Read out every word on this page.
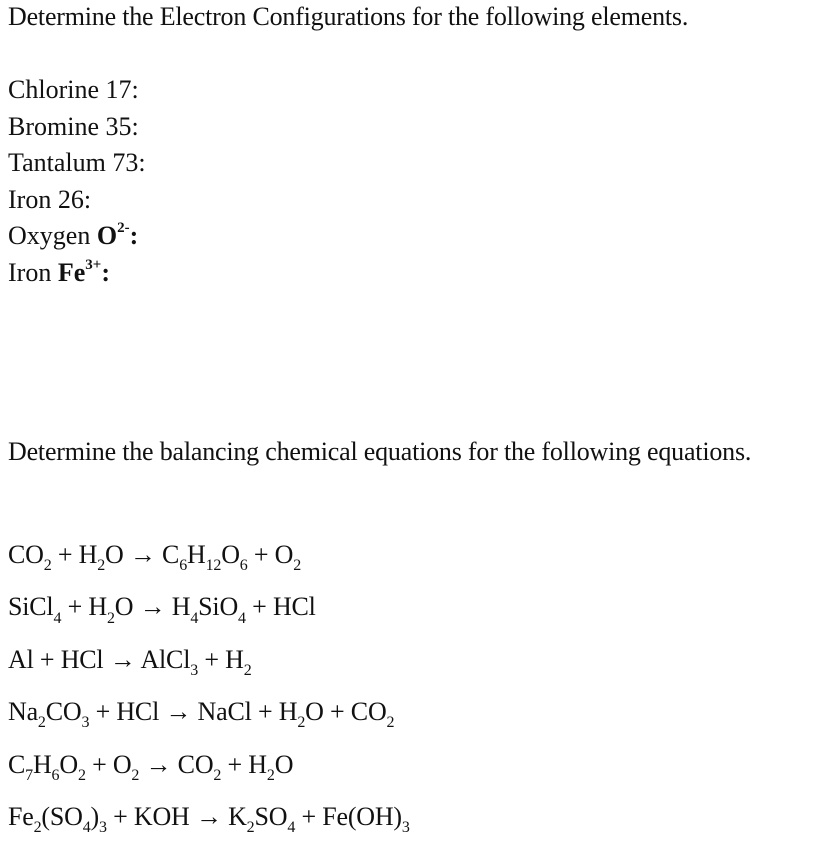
Determine the Electron Configurations for the following elements.
Chlorine 17:
Bromine 35:
Tantalum 73:
Iron 26:
Oxygen $O^{2-}$:
Iron $Fe^{3+}$:
Determine the balancing chemical equations for the following equations.
$CO_2 + H_2O \to C_6H_{12}O_6 + O_2$
SiCl$_4$ + $H_2O \to H_4SiO_4$ + HCl
Al + HCl → AlCl$_3$ + $H_2$
$Na_2CO_3$ + HCl → NaCl + $H_2O + CO_2$
$C_7H_6O_2 + O_2 \to CO_2 + H_2O$
$Fe_2(SO_4)_3$ + KOH → $K_2SO_4 + Fe(OH)_3$
